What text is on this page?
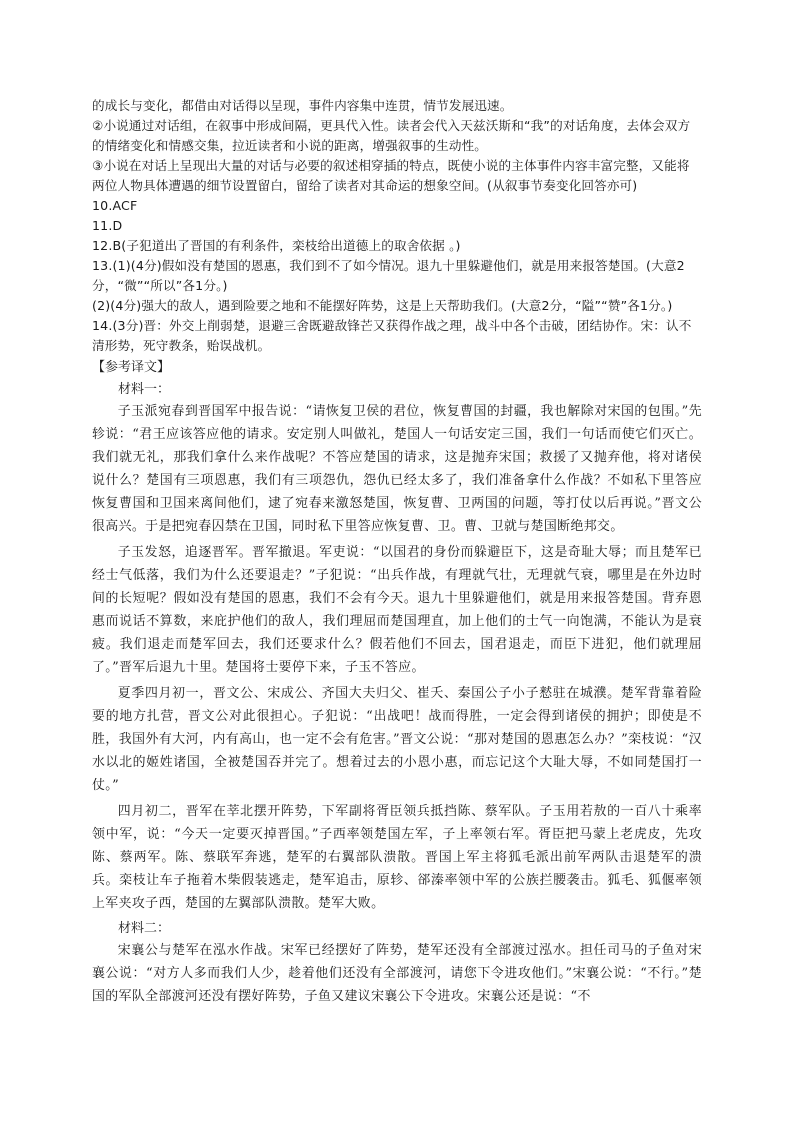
的成长与变化，都借由对话得以呈现，事件内容集中连贯，情节发展迅速。

②小说通过对话组，在叙事中形成间隔，更具代入性。读者会代入天兹沃斯和“我”的对话角度，去体会双方的情绪变化和情感交集，拉近读者和小说的距离，增强叙事的生动性。

③小说在对话上呈现出大量的对话与必要的叙述相穿插的特点，既使小说的主体事件内容丰富完整，又能将两位人物具体遭遇的细节设置留白，留给了读者对其命运的想象空间。(从叙事节奏变化回答亦可)

10.ACF

11.D

12.B(子犯道出了晋国的有利条件，栾枝给出道德上的取舍依据 。)

13.(1)(4分)假如没有楚国的恩惠，我们到不了如今情况。退九十里躲避他们，就是用来报答楚国。(大意2分，“微”“所以”各1分。)

(2)(4分)强大的敌人，遇到险要之地和不能摆好阵势，这是上天帮助我们。(大意2分，“隘”“赞”各1分。)

14.(3分)晋：外交上削弱楚，退避三舍既避敌锋芒又获得作战之理，战斗中各个击破，团结协作。宋：认不清形势，死守教条，贻误战机。

【参考译文】

材料一：

子玉派宛春到晋国军中报告说：“请恢复卫侯的君位，恢复曹国的封疆，我也解除对宋国的包围。”先轸说：“君王应该答应他的请求。安定别人叫做礼，楚国人一句话安定三国，我们一句话而使它们灭亡。我们就无礼，那我们拿什么来作战呢？不答应楚国的请求，这是抛弃宋国；救援了又抛弃他，将对诸侯说什么？楚国有三项恩惠，我们有三项怨仇，怨仇已经太多了，我们准备拿什么作战？不如私下里答应恢复曹国和卫国来离间他们，逮了宛春来激怒楚国，恢复曹、卫两国的问题，等打仗以后再说。”晋文公很高兴。于是把宛春囚禁在卫国，同时私下里答应恢复曹、卫。曹、卫就与楚国断绝邦交。

子玉发怒，追逐晋军。晋军撤退。军吏说：“以国君的身份而躲避臣下，这是奇耻大辱；而且楚军已经士气低落，我们为什么还要退走？”子犯说：“出兵作战，有理就气壮，无理就气衰，哪里是在外边时间的长短呢？假如没有楚国的恩惠，我们不会有今天。退九十里躲避他们，就是用来报答楚国。背弃恩惠而说话不算数，来庇护他们的敌人，我们理屈而楚国理直，加上他们的士气一向饱满，不能认为是衰疲。我们退走而楚军回去，我们还要求什么？假若他们不回去，国君退走，而臣下进犯，他们就理屈了。”晋军后退九十里。楚国将士要停下来，子玉不答应。

夏季四月初一，晋文公、宋成公、齐国大夫归父、崔夭、秦国公子小子慭驻在城濮。楚军背靠着险要的地方扎营，晋文公对此很担心。子犯说：“出战吧！战而得胜，一定会得到诸侯的拥护；即使是不胜，我国外有大河，内有高山，也一定不会有危害。”晋文公说：“那对楚国的恩惠怎么办？”栾枝说：“汉水以北的姬姓诸国，全被楚国吞并完了。想着过去的小恩小惠，而忘记这个大耻大辱，不如同楚国打一仗。”

四月初二，晋军在莘北摆开阵势，下军副将胥臣领兵抵挡陈、蔡军队。子玉用若敖的一百八十乘率领中军，说：“今天一定要灭掉晋国。”子西率领楚国左军，子上率领右军。胥臣把马蒙上老虎皮，先攻陈、蔡两军。陈、蔡联军奔逃，楚军的右翼部队溃散。晋国上军主将狐毛派出前军两队击退楚军的溃兵。栾枝让车子拖着木柴假装逃走，楚军追击，原轸、郤溱率领中军的公族拦腰袭击。狐毛、狐偃率领上军夹攻子西，楚国的左翼部队溃散。楚军大败。

材料二：

宋襄公与楚军在泓水作战。宋军已经摆好了阵势，楚军还没有全部渡过泓水。担任司马的子鱼对宋襄公说：“对方人多而我们人少，趁着他们还没有全部渡河，请您下令进攻他们。”宋襄公说：“不行。”楚国的军队全部渡河还没有摆好阵势，子鱼又建议宋襄公下令进攻。宋襄公还是说：“不
